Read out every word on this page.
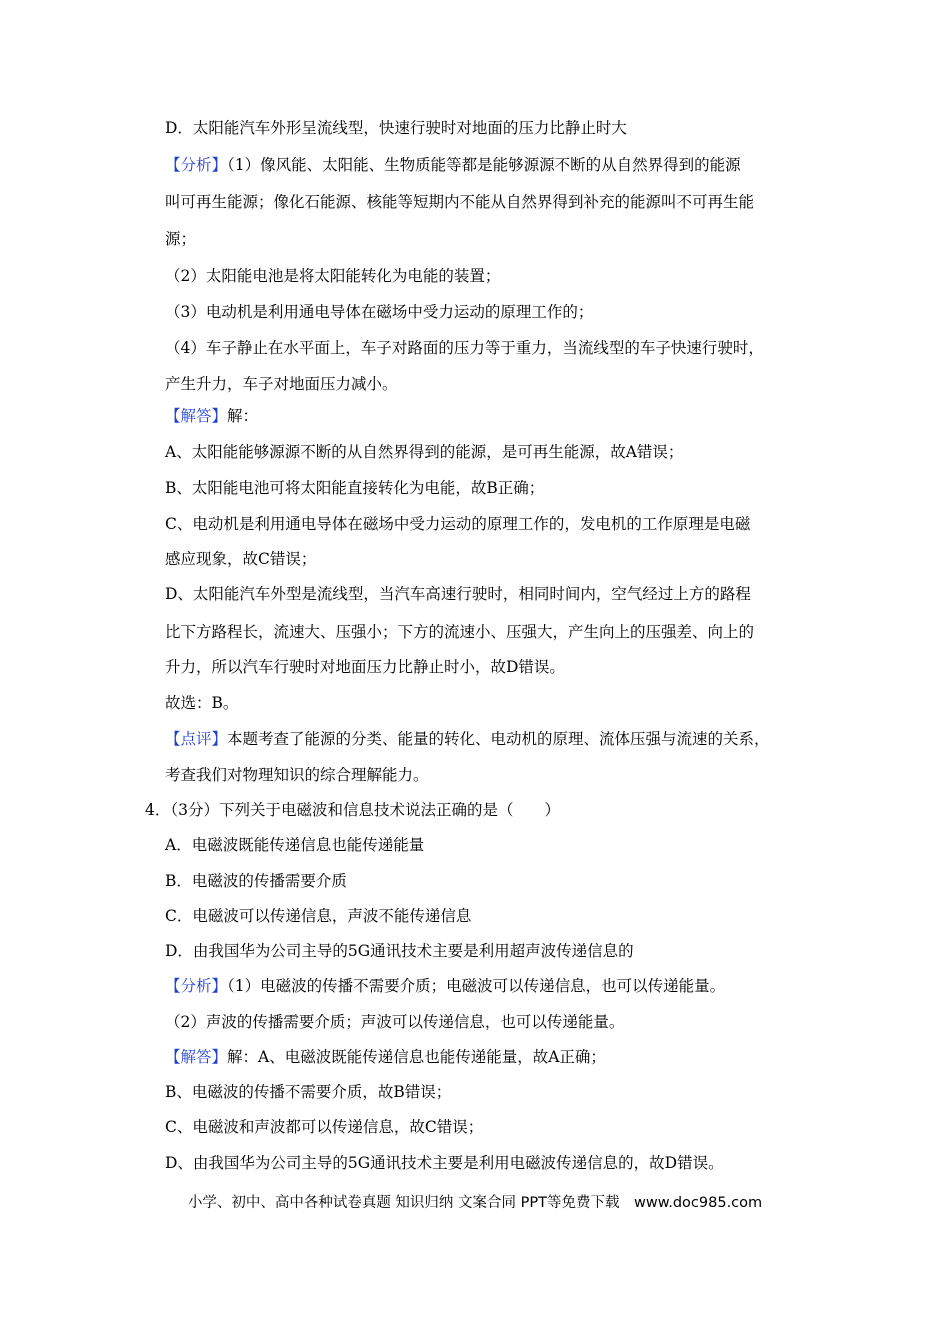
D．太阳能汽车外形呈流线型，快速行驶时对地面的压力比静止时大
【分析】（1）像风能、太阳能、生物质能等都是能够源源不断的从自然界得到的能源
叫可再生能源；像化石能源、核能等短期内不能从自然界得到补充的能源叫不可再生能
源；
（2）太阳能电池是将太阳能转化为电能的装置；
（3）电动机是利用通电导体在磁场中受力运动的原理工作的；
（4）车子静止在水平面上，车子对路面的压力等于重力，当流线型的车子快速行驶时，
产生升力，车子对地面压力减小。
【解答】解：
A、太阳能能够源源不断的从自然界得到的能源，是可再生能源，故A错误；
B、太阳能电池可将太阳能直接转化为电能，故B正确；
C、电动机是利用通电导体在磁场中受力运动的原理工作的，发电机的工作原理是电磁
感应现象，故C错误；
D、太阳能汽车外型是流线型，当汽车高速行驶时，相同时间内，空气经过上方的路程
比下方路程长，流速大、压强小；下方的流速小、压强大，产生向上的压强差、向上的
升力，所以汽车行驶时对地面压力比静止时小，故D错误。
故选：B。
【点评】本题考查了能源的分类、能量的转化、电动机的原理、流体压强与流速的关系，
考查我们对物理知识的综合理解能力。
4．（3分）下列关于电磁波和信息技术说法正确的是（　　）
A．电磁波既能传递信息也能传递能量
B．电磁波的传播需要介质
C．电磁波可以传递信息，声波不能传递信息
D．由我国华为公司主导的5G通讯技术主要是利用超声波传递信息的
【分析】（1）电磁波的传播不需要介质；电磁波可以传递信息，也可以传递能量。
（2）声波的传播需要介质；声波可以传递信息，也可以传递能量。
【解答】解：A、电磁波既能传递信息也能传递能量，故A正确；
B、电磁波的传播不需要介质，故B错误；
C、电磁波和声波都可以传递信息，故C错误；
D、由我国华为公司主导的5G通讯技术主要是利用电磁波传递信息的，故D错误。
小学、初中、高中各种试卷真题 知识归纳 文案合同 PPT等免费下载　www.doc985.com
